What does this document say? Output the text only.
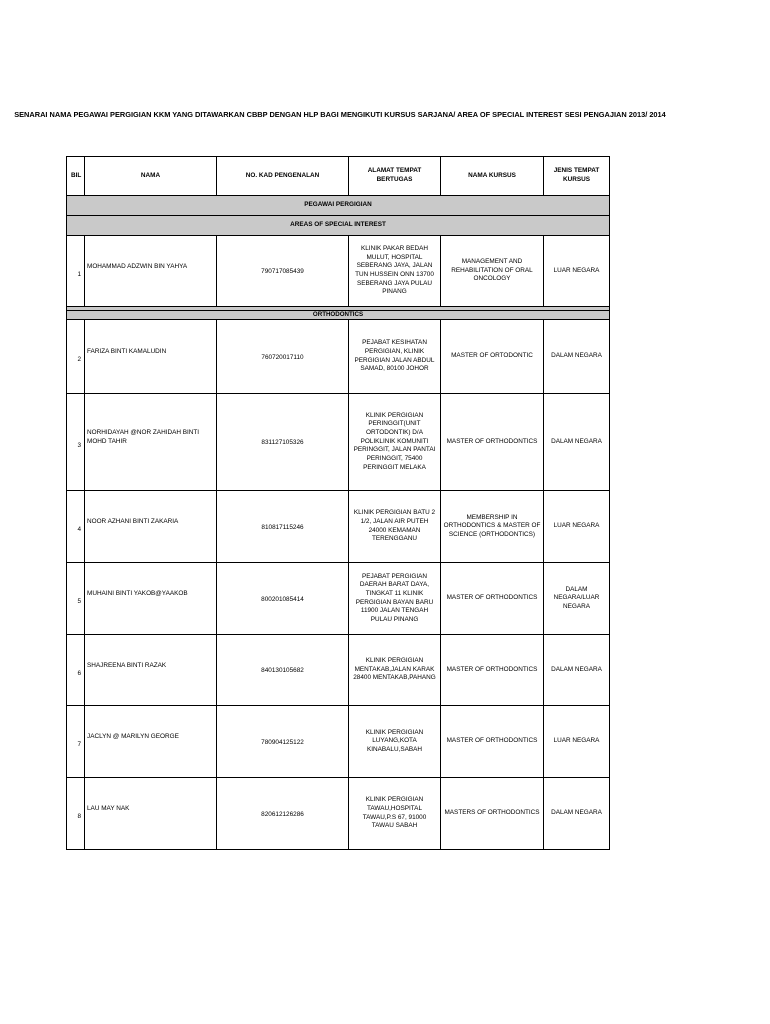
SENARAI NAMA PEGAWAI PERGIGIAN KKM YANG DITAWARKAN CBBP DENGAN HLP BAGI MENGIKUTI KURSUS SARJANA/ AREA OF SPECIAL INTEREST SESI PENGAJIAN 2013/ 2014
BIL	NAMA	NO. KAD PENGENALAN	ALAMAT TEMPAT BERTUGAS	NAMA KURSUS	JENIS TEMPAT KURSUS
PEGAWAI PERGIGIAN					
AREAS OF SPECIAL INTEREST					

1	MOHAMMAD ADZWIN BIN YAHYA	790717085439	KLINIK PAKAR BEDAH MULUT, HOSPITAL SEBERANG JAYA, JALAN TUN HUSSEIN ONN 13700 SEBERANG JAYA PULAU PINANG	MANAGEMENT AND REHABILITATION OF ORAL ONCOLOGY	LUAR NEGARA

ORTHODONTICS					

2	FARIZA BINTI KAMALUDIN	760720017110	PEJABAT KESIHATAN PERGIGIAN, KLINIK PERGIGIAN JALAN ABDUL SAMAD, 80100 JOHOR	MASTER OF ORTODONTIC	DALAM NEGARA

3	NORHIDAYAH @NOR ZAHIDAH BINTI MOHD TAHIR	831127105326	KLINIK PERGIGIAN PERINGGIT(UNIT ORTODONTIK) D/A POLIKLINIK KOMUNITI PERINGGIT, JALAN PANTAI PERINGGIT, 75400 PERINGGIT MELAKA	MASTER OF ORTHODONTICS	DALAM NEGARA

4	NOOR AZHANI BINTI ZAKARIA	810817115246	KLINIK PERGIGIAN BATU 2 1/2, JALAN AIR PUTEH 24000 KEMAMAN TERENGGANU	MEMBERSHIP IN ORTHODONTICS & MASTER OF SCIENCE (ORTHODONTICS)	LUAR NEGARA

5	MUHAINI BINTI YAKOB@YAAKOB	800201085414	PEJABAT PERGIGIAN DAERAH BARAT DAYA, TINGKAT 11 KLINIK PERGIGIAN BAYAN BARU 11900 JALAN TENGAH PULAU PINANG	MASTER OF ORTHODONTICS	DALAM NEGARA/LUAR NEGARA

6	SHAJREENA BINTI RAZAK	840130105682	KLINIK PERGIGIAN MENTAKAB,JALAN KARAK 28400 MENTAKAB,PAHANG	MASTER OF ORTHODONTICS	DALAM NEGARA

7	JACLYN @ MARILYN GEORGE	780904125122	KLINIK PERGIGIAN LUYANG,KOTA KINABALU,SABAH	MASTER OF ORTHODONTICS	LUAR NEGARA

8	LAU MAY NAK	820612126286	KLINIK PERGIGIAN TAWAU,HOSPITAL TAWAU,P.S 67, 91000 TAWAU SABAH	MASTERS OF ORTHODONTICS	DALAM NEGARA
